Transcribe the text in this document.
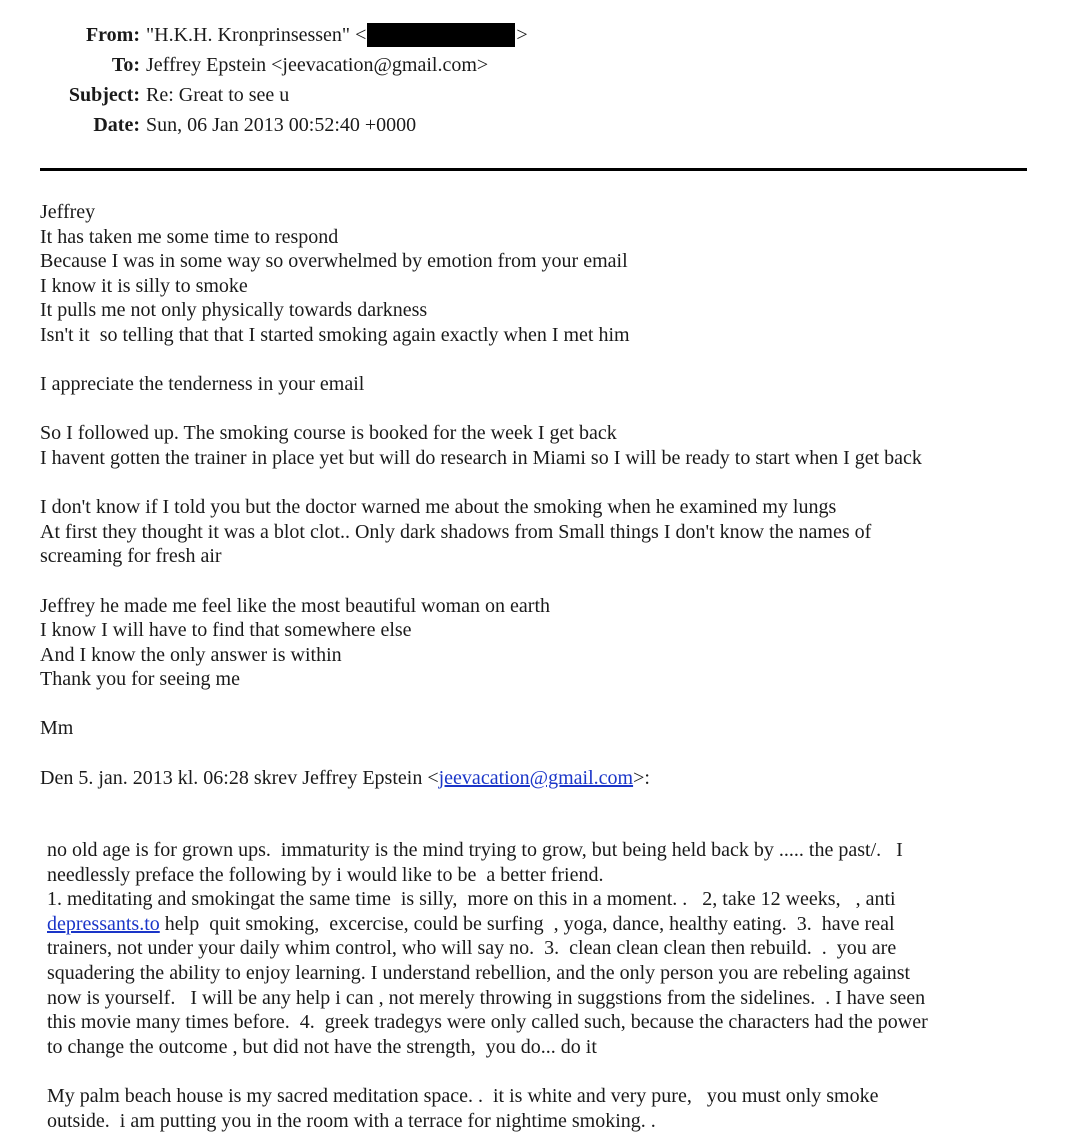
From: "H.K.H. Kronprinsessen" <	>
To: Jeffrey Epstein <jeevacation@gmail.com>
Subject: Re: Great to see u
Date: Sun, 06 Jan 2013 00:52:40 +0000
Jeffrey
It has taken me some time to respond
Because I was in some way so overwhelmed by emotion from your email
I know it is silly to smoke
It pulls me not only physically towards darkness
Isn't it  so telling that that I started smoking again exactly when I met him
I appreciate the tenderness in your email
So I followed up. The smoking course is booked for the week I get back
I havent gotten the trainer in place yet but will do research in Miami so I will be ready to start when I get back
I don't know if I told you but the doctor warned me about the smoking when he examined my lungs
At first they thought it was a blot clot.. Only dark shadows from Small things I don't know the names of
screaming for fresh air
Jeffrey he made me feel like the most beautiful woman on earth
I know I will have to find that somewhere else
And I know the only answer is within
Thank you for seeing me
Mm
Den 5. jan. 2013 kl. 06:28 skrev Jeffrey Epstein <jeevacation@gmail.com>:
no old age is for grown ups.  immaturity is the mind trying to grow, but being held back by ..... the past/.   I
needlessly preface the following by i would like to be  a better friend.
1. meditating and smokingat the same time  is silly,  more on this in a moment. .   2, take 12 weeks,   , anti
depressants.to help  quit smoking,  excercise, could be surfing  , yoga, dance, healthy eating.  3.  have real
trainers, not under your daily whim control, who will say no.  3.  clean clean clean then rebuild.  .  you are
squadering the ability to enjoy learning. I understand rebellion, and the only person you are rebeling against
now is yourself.   I will be any help i can , not merely throwing in suggstions from the sidelines.  . I have seen
this movie many times before.  4.  greek tradegys were only called such, because the characters had the power
to change the outcome , but did not have the strength,  you do... do it
My palm beach house is my sacred meditation space. .  it is white and very pure,   you must only smoke
outside.  i am putting you in the room with a terrace for nightime smoking. .
